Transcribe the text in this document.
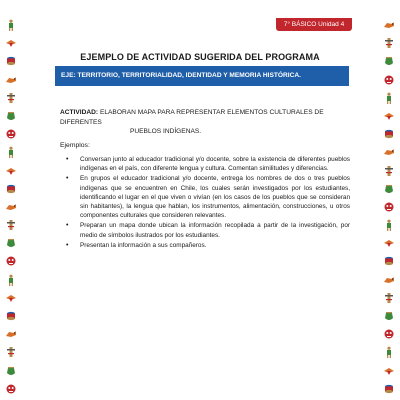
7° BÁSICO Unidad 4
EJEMPLO DE ACTIVIDAD SUGERIDA DEL PROGRAMA
EJE: TERRITORIO, TERRITORIALIDAD, IDENTIDAD Y MEMORIA HISTÓRICA.
ACTIVIDAD: ELABORAN MAPA PARA REPRESENTAR ELEMENTOS CULTURALES DE DIFERENTES
PUEBLOS INDÍGENAS.
Ejemplos:
• Conversan junto al educador tradicional y/o docente, sobre la existencia de diferentes pueblos indígenas en el país, con diferente lengua y cultura. Comentan similitudes y diferencias.
• En grupos el educador tradicional y/o docente, entrega los nombres de dos o tres pueblos indígenas que se encuentren en Chile, los cuales serán investigados por los estudiantes, identificando el lugar en el que viven o vivían (en los casos de los pueblos que se consideran sin habitantes), la lengua que hablan, los instrumentos, alimentación, construcciones, u otros componentes culturales que consideren relevantes.
• Preparan un mapa donde ubican la información recopilada a partir de la investigación, por medio de símbolos ilustrados por los estudiantes.
• Presentan la información a sus compañeros.
